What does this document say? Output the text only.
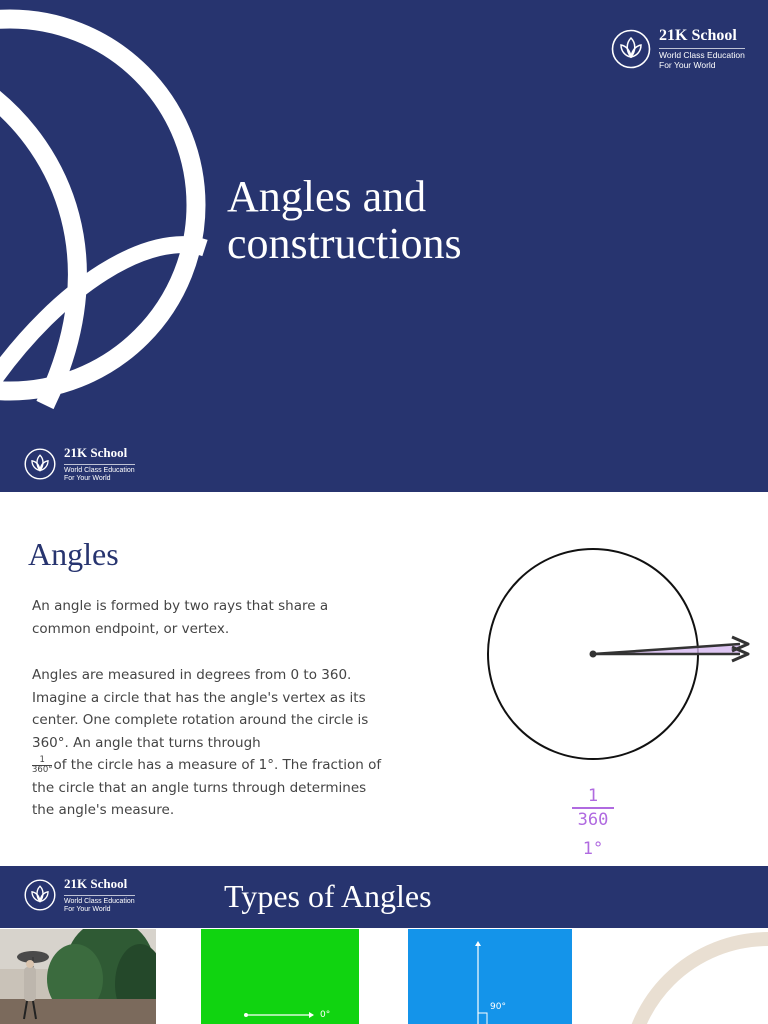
21K School
World Class Education
For Your World
Angles and
constructions
21K School
World Class Education
For Your World
Angles

An angle is formed by two rays that share a common endpoint, or vertex.

Angles are measured in degrees from 0 to 360. Imagine a circle that has the angle's vertex as its center. One complete rotation around the circle is 360°. An angle that turns through

$\frac{1}{360^\circ}$ of the circle has a measure of 1°. The fraction of the circle that an angle turns through determines the angle's measure.

1
360
1°
Types of Angles
0°
90°
21K School
World Class Education
For Your World
